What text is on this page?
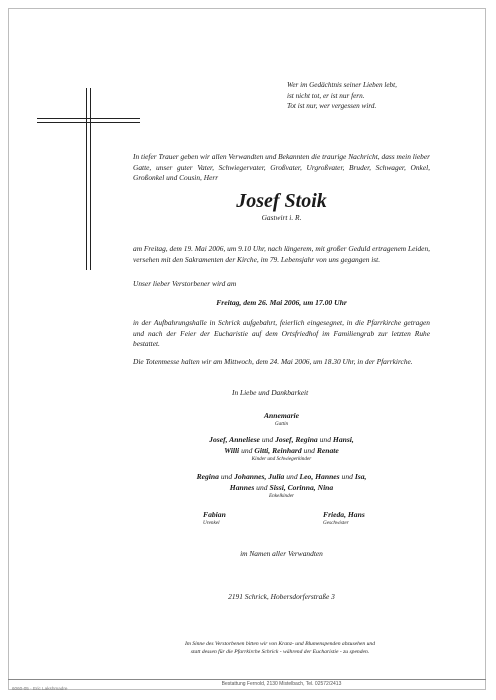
Wer im Gedächtnis seiner Lieben lebt,
ist nicht tot, er ist nur fern.
Tot ist nur, wer vergessen wird.
In tiefer Trauer geben wir allen Verwandten und Bekannten die traurige Nachricht, dass mein lieber Gatte, unser guter Vater, Schwiegervater, Großvater, Urgroßvater, Bruder, Schwager, Onkel, Großonkel und Cousin, Herr
Josef Stoik
Gastwirt i. R.
am Freitag, dem 19. Mai 2006, um 9.10 Uhr, nach längerem, mit großer Geduld ertragenem Leiden, versehen mit den Sakramenten der Kirche, im 79. Lebensjahr von uns gegangen ist.
Unser lieber Verstorbener wird am
Freitag, dem 26. Mai 2006, um 17.00 Uhr
in der Aufbahrungshalle in Schrick aufgebahrt, feierlich eingesegnet, in die Pfarrkirche getragen und nach der Feier der Eucharistie auf dem Ortsfriedhof im Familiengrab zur letzten Ruhe bestattet.
Die Totenmesse halten wir am Mittwoch, dem 24. Mai 2006, um 18.30 Uhr, in der Pfarrkirche.
In Liebe und Dankbarkeit
Annemarie
Gattin
Josef, Anneliese und Josef, Regina und Hansi,
Willi und Gitti, Reinhard und Renate
Kinder und Schwiegerkinder
Regina und Johannes, Julia und Leo, Hannes und Isa,
Hannes und Sissi, Corinna, Nina
Enkelkinder
Fabian
Urenkel
Frieda, Hans
Geschwister
im Namen aller Verwandten
2191 Schrick, Hobersdorferstraße 3
Im Sinne des Verstorbenen bitten wir von Kranz- und Blumenspenden abzusehen und
statt dessen für die Pfarrkirche Schrick - während der Eucharistie - zu spenden.
Bestattung Fernold, 2130 Mistelbach, Tel. 02572/2413
6060-05 · Eric Lakshmadre
